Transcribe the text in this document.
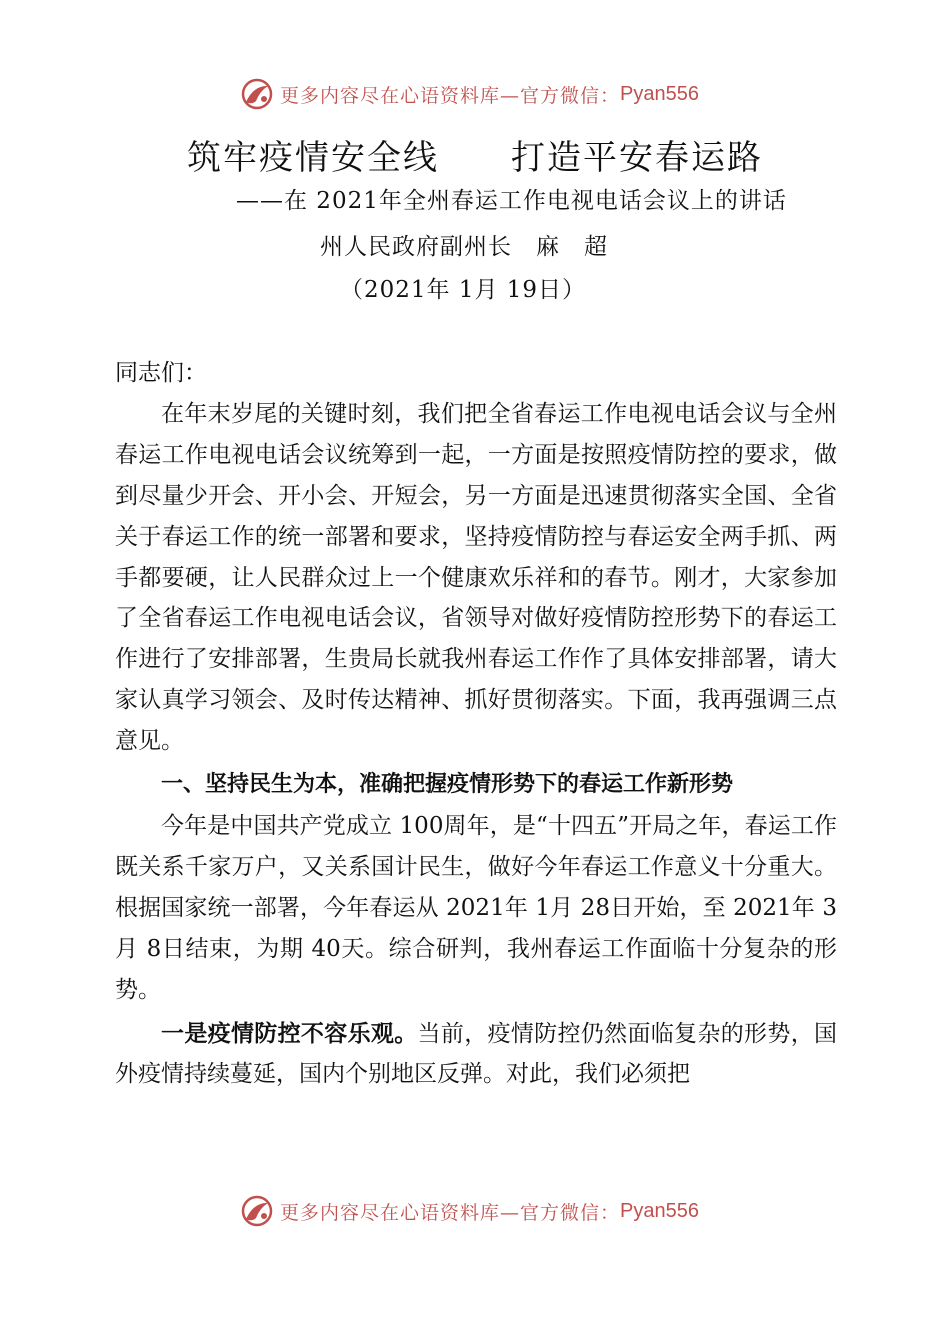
更多内容尽在心语资料库—官方微信： Pyan556
筑牢疫情安全线　　打造平安春运路
——在 2021年全州春运工作电视电话会议上的讲话
州人民政府副州长　麻　超
（2021年 1月 19日）

同志们：

在年末岁尾的关键时刻，我们把全省春运工作电视电话会议与全州春运工作电视电话会议统筹到一起，一方面是按照疫情防控的要求，做到尽量少开会、开小会、开短会，另一方面是迅速贯彻落实全国、全省关于春运工作的统一部署和要求，坚持疫情防控与春运安全两手抓、两手都要硬，让人民群众过上一个健康欢乐祥和的春节。刚才，大家参加了全省春运工作电视电话会议，省领导对做好疫情防控形势下的春运工作进行了安排部署，生贵局长就我州春运工作作了具体安排部署，请大家认真学习领会、及时传达精神、抓好贯彻落实。下面，我再强调三点意见。

一、坚持民生为本，准确把握疫情形势下的春运工作新形势

今年是中国共产党成立 100周年，是“十四五”开局之年，春运工作既关系千家万户，又关系国计民生，做好今年春运工作意义十分重大。根据国家统一部署，今年春运从 2021年 1月 28日开始，至 2021年 3月 8日结束，为期 40天。综合研判，我州春运工作面临十分复杂的形势。

一是疫情防控不容乐观。当前，疫情防控仍然面临复杂的形势，国外疫情持续蔓延，国内个别地区反弹。对此，我们必须把

更多内容尽在心语资料库—官方微信： Pyan556
